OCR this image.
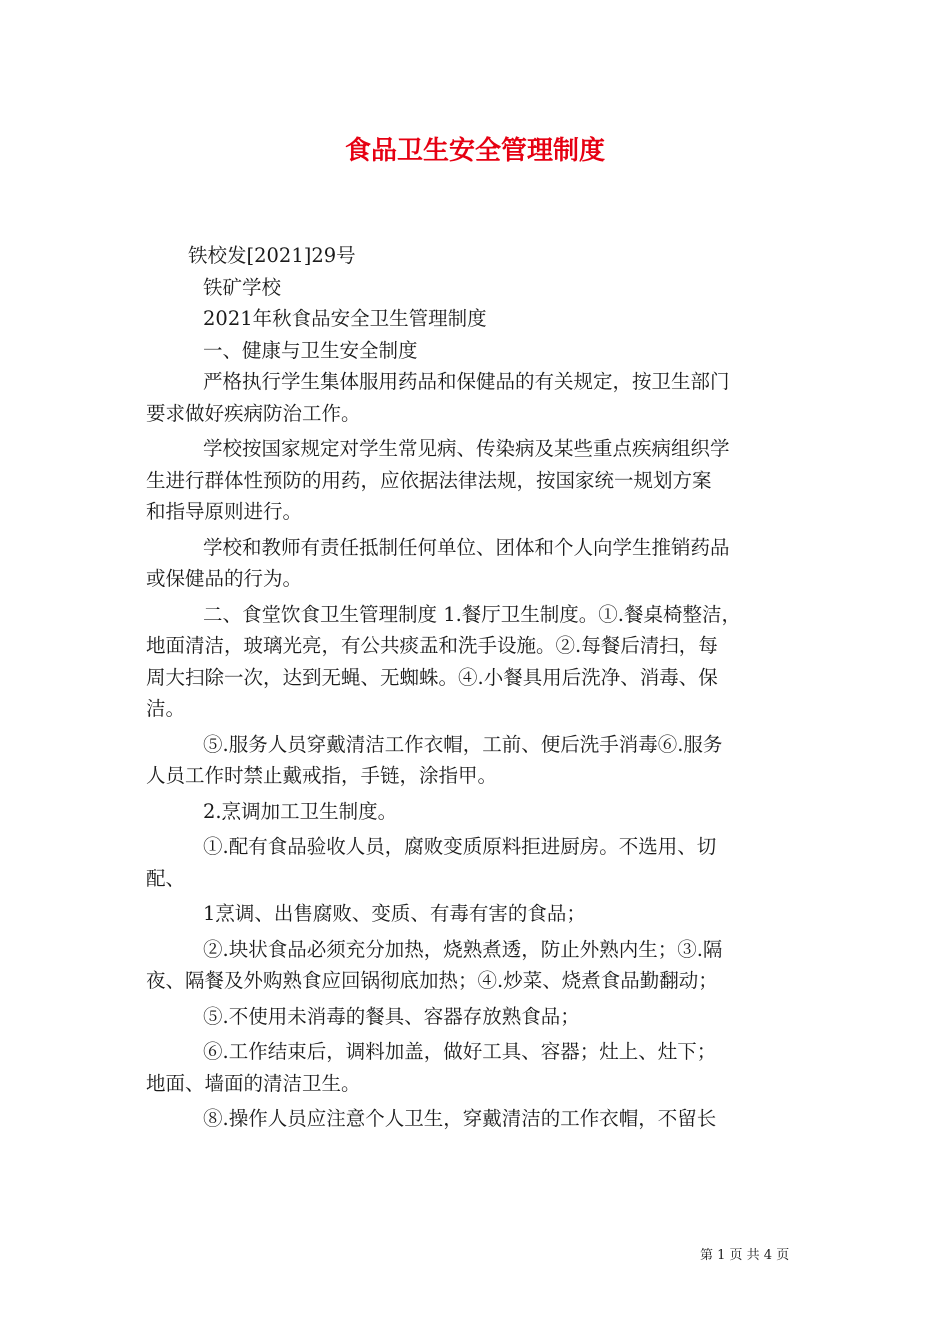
食品卫生安全管理制度

铁校发[2021]29号

铁矿学校

2021年秋食品安全卫生管理制度

一、健康与卫生安全制度

严格执行学生集体服用药品和保健品的有关规定，按卫生部门

要求做好疾病防治工作。

学校按国家规定对学生常见病、传染病及某些重点疾病组织学

生进行群体性预防的用药，应依据法律法规，按国家统一规划方案

和指导原则进行。

学校和教师有责任抵制任何单位、团体和个人向学生推销药品

或保健品的行为。

二、食堂饮食卫生管理制度 1.餐厅卫生制度。①.餐桌椅整洁，

地面清洁，玻璃光亮，有公共痰盂和洗手设施。②.每餐后清扫，每

周大扫除一次，达到无蝇、无蜘蛛。④.小餐具用后洗净、消毒、保

洁。

⑤.服务人员穿戴清洁工作衣帽，工前、便后洗手消毒⑥.服务

人员工作时禁止戴戒指，手链，涂指甲。

2.烹调加工卫生制度。

①.配有食品验收人员，腐败变质原料拒进厨房。不选用、切

配、

1烹调、出售腐败、变质、有毒有害的食品；

②.块状食品必须充分加热，烧熟煮透，防止外熟内生；③.隔

夜、隔餐及外购熟食应回锅彻底加热；④.炒菜、烧煮食品勤翻动；

⑤.不使用未消毒的餐具、容器存放熟食品；

⑥.工作结束后，调料加盖，做好工具、容器；灶上、灶下；

地面、墙面的清洁卫生。

⑧.操作人员应注意个人卫生，穿戴清洁的工作衣帽，不留长

第 1 页 共 4 页
